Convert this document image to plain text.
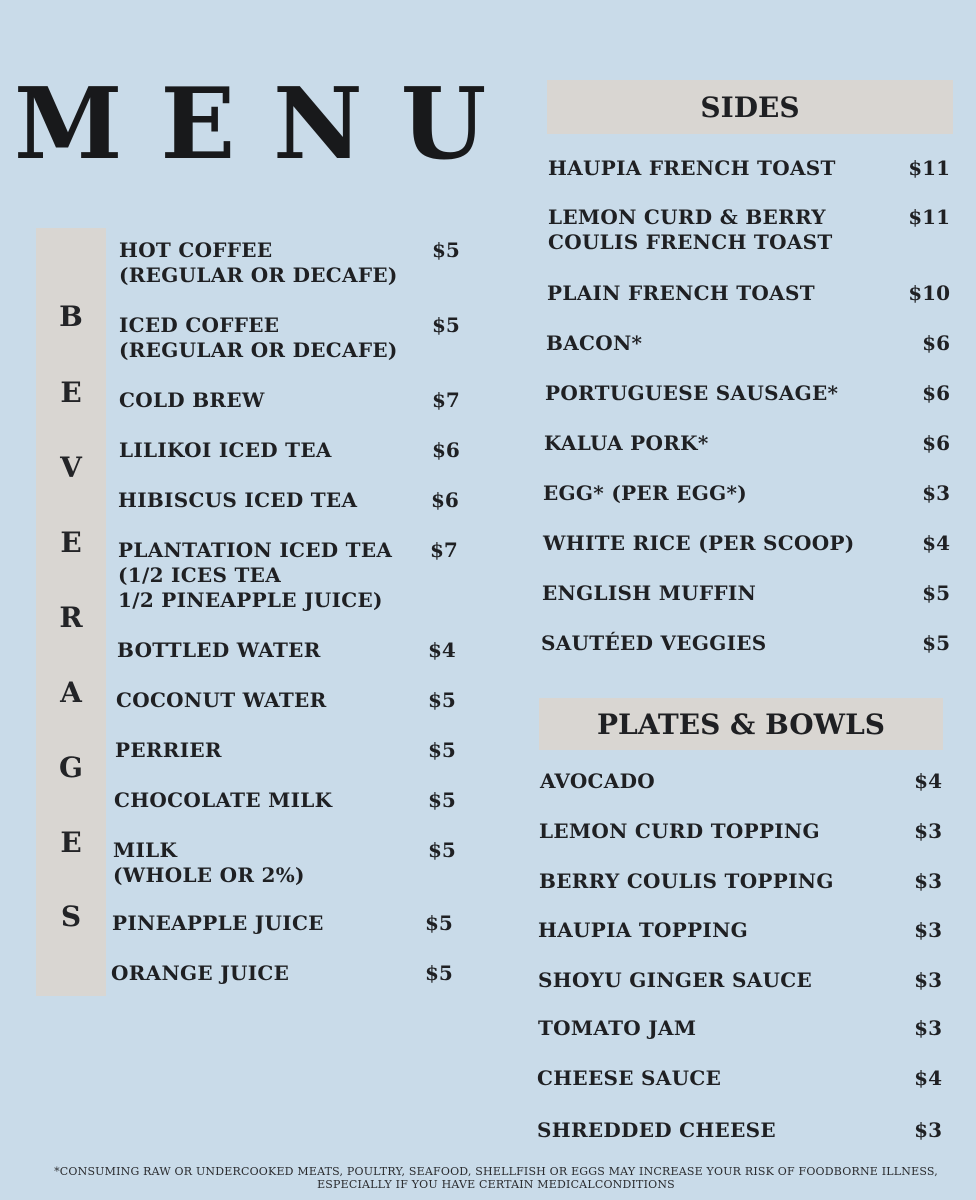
MENU
B
E
V
E
R
A
G
E
S
HOT COFFEE
(REGULAR OR DECAFE)
$5
ICED COFFEE
(REGULAR OR DECAFE)
$5
COLD BREW	$7
LILIKOI ICED TEA	$6
HIBISCUS ICED TEA	$6
PLANTATION ICED TEA
(1/2 ICES TEA
1/2 PINEAPPLE JUICE)
$7
BOTTLED WATER	$4
COCONUT WATER	$5
PERRIER	$5
CHOCOLATE MILK	$5
MILK
(WHOLE OR 2%)
$5
PINEAPPLE JUICE	$5
ORANGE JUICE	$5
SIDES
HAUPIA FRENCH TOAST	$11
LEMON CURD & BERRY
COULIS FRENCH TOAST
$11
PLAIN FRENCH TOAST	$10
BACON*	$6
PORTUGUESE SAUSAGE*	$6
KALUA PORK*	$6
EGG* (PER EGG*)	$3
WHITE RICE (PER SCOOP)	$4
ENGLISH MUFFIN	$5
SAUTÉED VEGGIES	$5
PLATES & BOWLS
AVOCADO	$4
LEMON CURD TOPPING	$3
BERRY COULIS TOPPING	$3
HAUPIA TOPPING	$3
SHOYU GINGER SAUCE	$3
TOMATO JAM	$3
CHEESE SAUCE	$4
SHREDDED CHEESE	$3
*CONSUMING RAW OR UNDERCOOKED MEATS, POULTRY, SEAFOOD, SHELLFISH OR EGGS MAY INCREASE YOUR RISK OF FOODBORNE ILLNESS,
ESPECIALLY IF YOU HAVE CERTAIN MEDICALCONDITIONS
